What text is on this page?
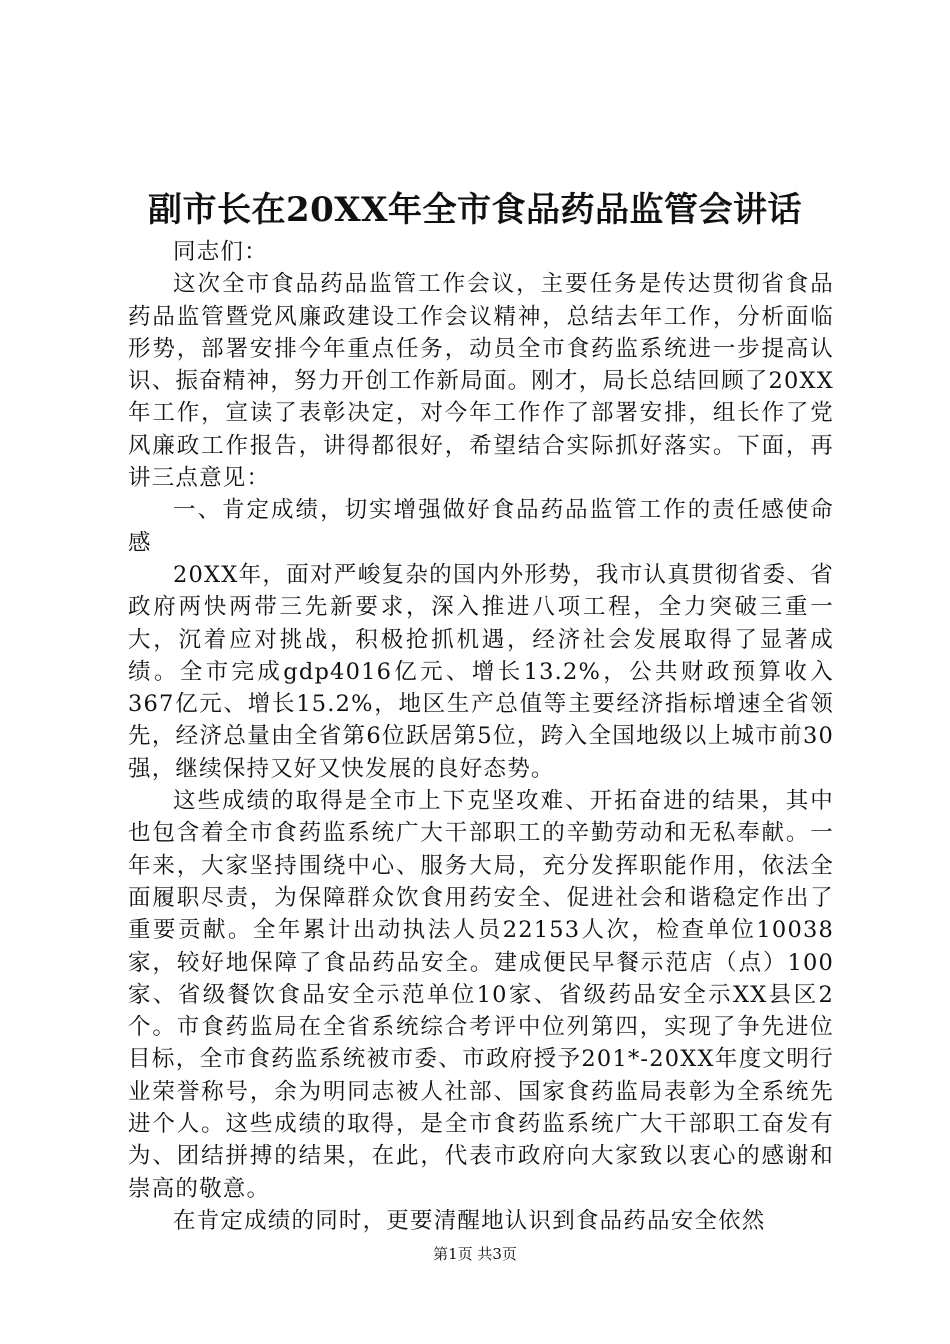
副市长在20XX年全市食品药品监管会讲话

同志们：

这次全市食品药品监管工作会议，主要任务是传达贯彻省食品药品监管暨党风廉政建设工作会议精神，总结去年工作，分析面临形势，部署安排今年重点任务，动员全市食药监系统进一步提高认识、振奋精神，努力开创工作新局面。刚才，局长总结回顾了20XX年工作，宣读了表彰决定，对今年工作作了部署安排，组长作了党风廉政工作报告，讲得都很好，希望结合实际抓好落实。下面，再讲三点意见：

一、肯定成绩，切实增强做好食品药品监管工作的责任感使命感

20XX年，面对严峻复杂的国内外形势，我市认真贯彻省委、省政府两快两带三先新要求，深入推进八项工程，全力突破三重一大，沉着应对挑战，积极抢抓机遇，经济社会发展取得了显著成绩。全市完成gdp4016亿元、增长13.2%，公共财政预算收入367亿元、增长15.2%，地区生产总值等主要经济指标增速全省领先，经济总量由全省第6位跃居第5位，跨入全国地级以上城市前30强，继续保持又好又快发展的良好态势。

这些成绩的取得是全市上下克坚攻难、开拓奋进的结果，其中也包含着全市食药监系统广大干部职工的辛勤劳动和无私奉献。一年来，大家坚持围绕中心、服务大局，充分发挥职能作用，依法全面履职尽责，为保障群众饮食用药安全、促进社会和谐稳定作出了重要贡献。全年累计出动执法人员22153人次，检查单位10038家，较好地保障了食品药品安全。建成便民早餐示范店（点）100家、省级餐饮食品安全示范单位10家、省级药品安全示XX县区2个。市食药监局在全省系统综合考评中位列第四，实现了争先进位目标，全市食药监系统被市委、市政府授予201*-20XX年度文明行业荣誉称号，余为明同志被人社部、国家食药监局表彰为全系统先进个人。这些成绩的取得，是全市食药监系统广大干部职工奋发有为、团结拼搏的结果，在此，代表市政府向大家致以衷心的感谢和崇高的敬意。

在肯定成绩的同时，更要清醒地认识到食品药品安全依然

第1页 共3页
